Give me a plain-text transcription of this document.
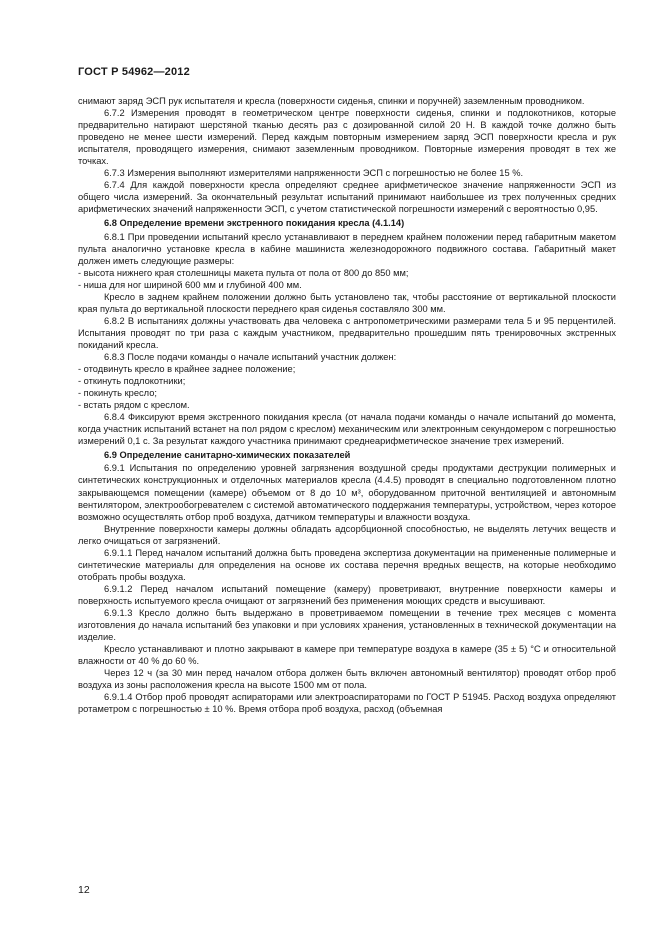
ГОСТ Р 54962—2012

снимают заряд ЭСП рук испытателя и кресла (поверхности сиденья, спинки и поручней) заземленным проводником.

6.7.2 Измерения проводят в геометрическом центре поверхности сиденья, спинки и подлокотников, которые предварительно натирают шерстяной тканью десять раз с дозированной силой 20 Н. В каждой точке должно быть проведено не менее шести измерений. Перед каждым повторным измерением заряд ЭСП поверхности кресла и рук испытателя, проводящего измерения, снимают заземленным проводником. Повторные измерения проводят в тех же точках.

6.7.3 Измерения выполняют измерителями напряженности ЭСП с погрешностью не более 15 %.

6.7.4 Для каждой поверхности кресла определяют среднее арифметическое значение напряженности ЭСП из общего числа измерений. За окончательный результат испытаний принимают наибольшее из трех полученных средних арифметических значений напряженности ЭСП, с учетом статистической погрешности измерений с вероятностью 0,95.

6.8 Определение времени экстренного покидания кресла (4.1.14)

6.8.1 При проведении испытаний кресло устанавливают в переднем крайнем положении перед габаритным макетом пульта аналогично установке кресла в кабине машиниста железнодорожного подвижного состава. Габаритный макет должен иметь следующие размеры:

- высота нижнего края столешницы макета пульта от пола от 800 до 850 мм;

- ниша для ног шириной 600 мм и глубиной 400 мм.

Кресло в заднем крайнем положении должно быть установлено так, чтобы расстояние от вертикальной плоскости края пульта до вертикальной плоскости переднего края сиденья составляло 300 мм.

6.8.2 В испытаниях должны участвовать два человека с антропометрическими размерами тела 5 и 95 перцентилей. Испытания проводят по три раза с каждым участником, предварительно прошедшим пять тренировочных экстренных покиданий кресла.

6.8.3 После подачи команды о начале испытаний участник должен:

- отодвинуть кресло в крайнее заднее положение;

- откинуть подлокотники;

- покинуть кресло;

- встать рядом с креслом.

6.8.4 Фиксируют время экстренного покидания кресла (от начала подачи команды о начале испытаний до момента, когда участник испытаний встанет на пол рядом с креслом) механическим или электронным секундомером с погрешностью измерений 0,1 с. За результат каждого участника принимают среднеарифметическое значение трех измерений.

6.9 Определение санитарно-химических показателей

6.9.1 Испытания по определению уровней загрязнения воздушной среды продуктами деструкции полимерных и синтетических конструкционных и отделочных материалов кресла (4.4.5) проводят в специально подготовленном плотно закрывающемся помещении (камере) объемом от 8 до 10 м³, оборудованном приточной вентиляцией и автономным вентилятором, электрообогревателем с системой автоматического поддержания температуры, устройством, через которое возможно осуществлять отбор проб воздуха, датчиком температуры и влажности воздуха.

Внутренние поверхности камеры должны обладать адсорбционной способностью, не выделять летучих веществ и легко очищаться от загрязнений.

6.9.1.1 Перед началом испытаний должна быть проведена экспертиза документации на примененные полимерные и синтетические материалы для определения на основе их состава перечня вредных веществ, на которые необходимо отобрать пробы воздуха.

6.9.1.2 Перед началом испытаний помещение (камеру) проветривают, внутренние поверхности камеры и поверхность испытуемого кресла очищают от загрязнений без применения моющих средств и высушивают.

6.9.1.3 Кресло должно быть выдержано в проветриваемом помещении в течение трех месяцев с момента изготовления до начала испытаний без упаковки и при условиях хранения, установленных в технической документации на изделие.

Кресло устанавливают и плотно закрывают в камере при температуре воздуха в камере (35 ± 5) °С и относительной влажности от 40 % до 60 %.

Через 12 ч (за 30 мин перед началом отбора должен быть включен автономный вентилятор) проводят отбор проб воздуха из зоны расположения кресла на высоте 1500 мм от пола.

6.9.1.4 Отбор проб проводят аспираторами или электроаспираторами по ГОСТ Р 51945. Расход воздуха определяют ротаметром с погрешностью ± 10 %. Время отбора проб воздуха, расход (объемная

12
